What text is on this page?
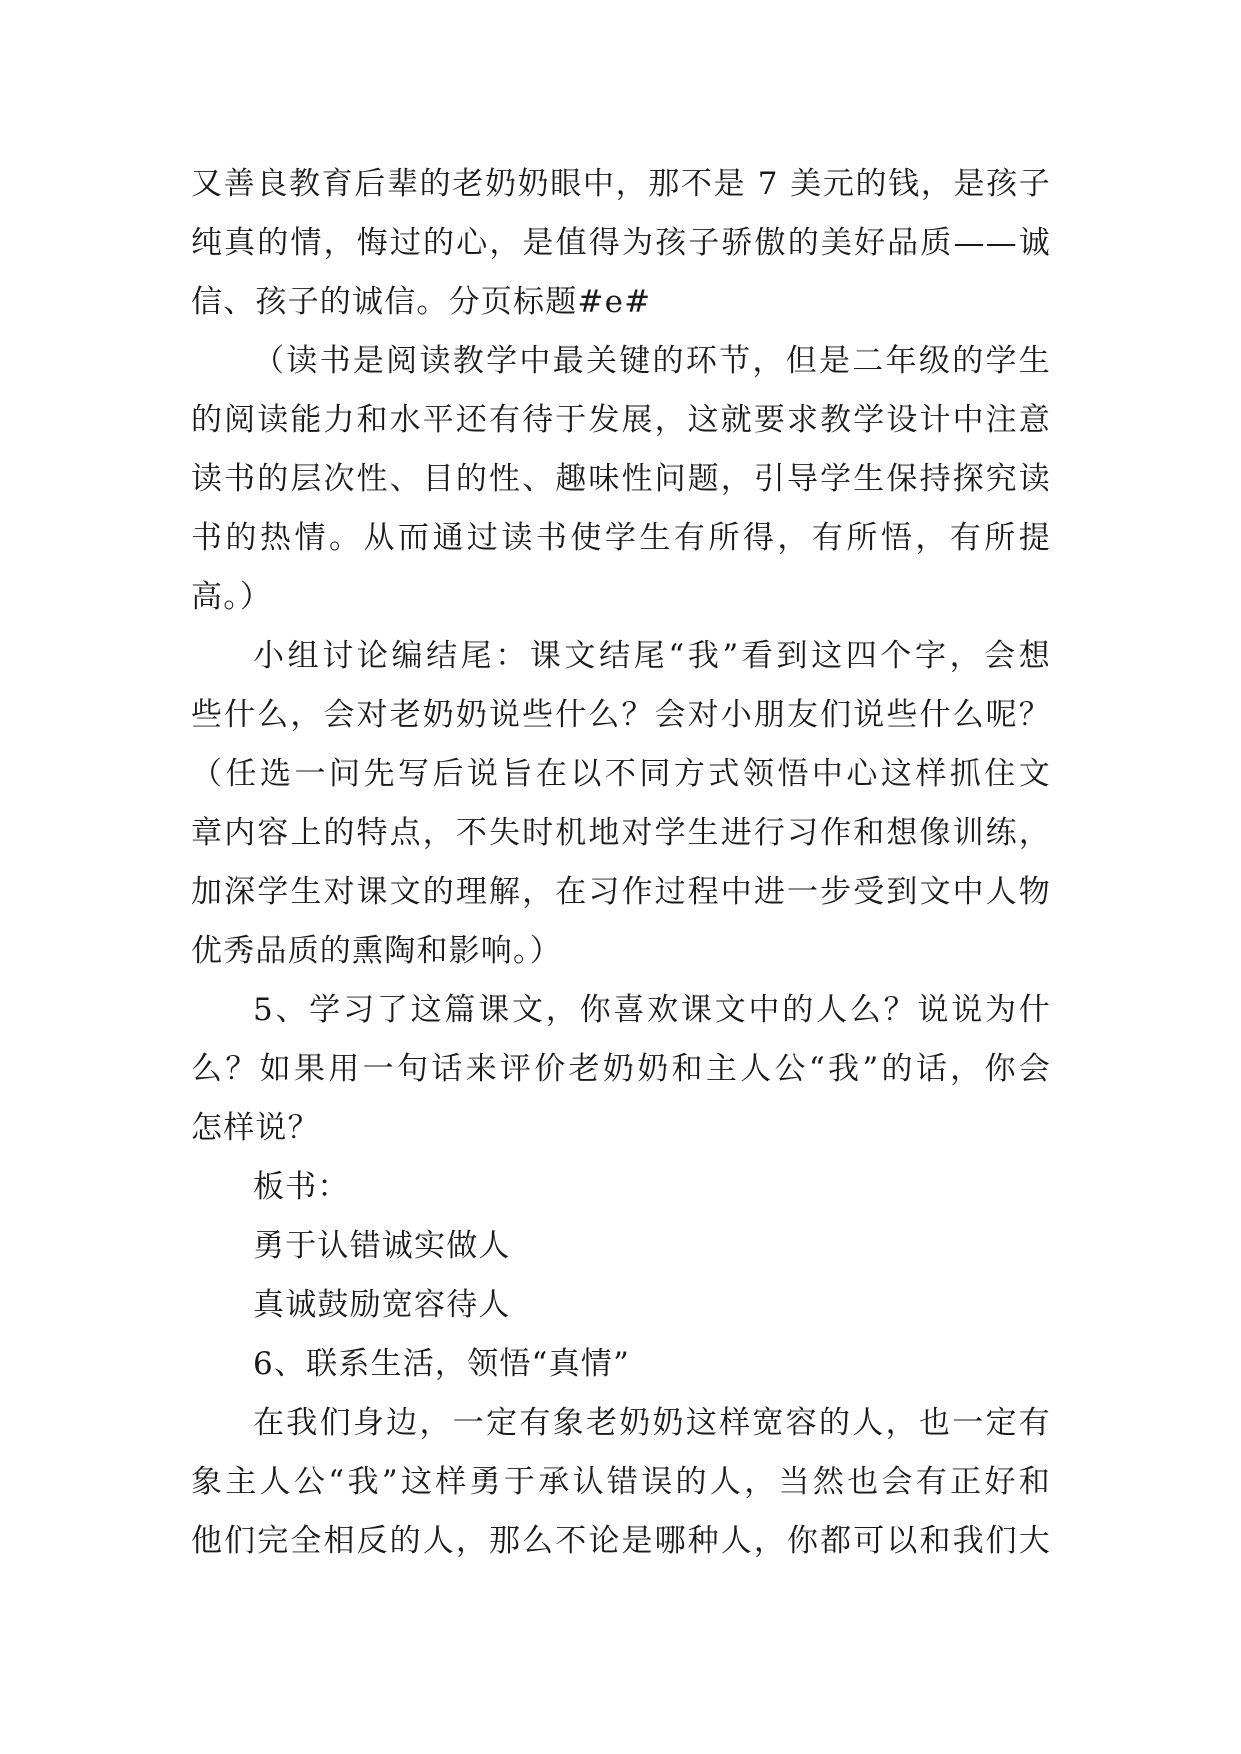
又善良教育后辈的老奶奶眼中，那不是 7 美元的钱，是孩子
纯真的情，悔过的心，是值得为孩子骄傲的美好品质——诚
信、孩子的诚信。分页标题#e#
（读书是阅读教学中最关键的环节，但是二年级的学生
的阅读能力和水平还有待于发展，这就要求教学设计中注意
读书的层次性、目的性、趣味性问题，引导学生保持探究读
书的热情。从而通过读书使学生有所得，有所悟，有所提
高。）
小组讨论编结尾：课文结尾“我”看到这四个字，会想
些什么，会对老奶奶说些什么？会对小朋友们说些什么呢？
（任选一问先写后说旨在以不同方式领悟中心这样抓住文
章内容上的特点，不失时机地对学生进行习作和想像训练，
加深学生对课文的理解，在习作过程中进一步受到文中人物
优秀品质的熏陶和影响。）
5、学习了这篇课文，你喜欢课文中的人么？说说为什
么？如果用一句话来评价老奶奶和主人公“我”的话，你会
怎样说？
板书：
勇于认错诚实做人
真诚鼓励宽容待人
6、联系生活，领悟“真情”
在我们身边，一定有象老奶奶这样宽容的人，也一定有
象主人公“我”这样勇于承认错误的人，当然也会有正好和
他们完全相反的人，那么不论是哪种人，你都可以和我们大
